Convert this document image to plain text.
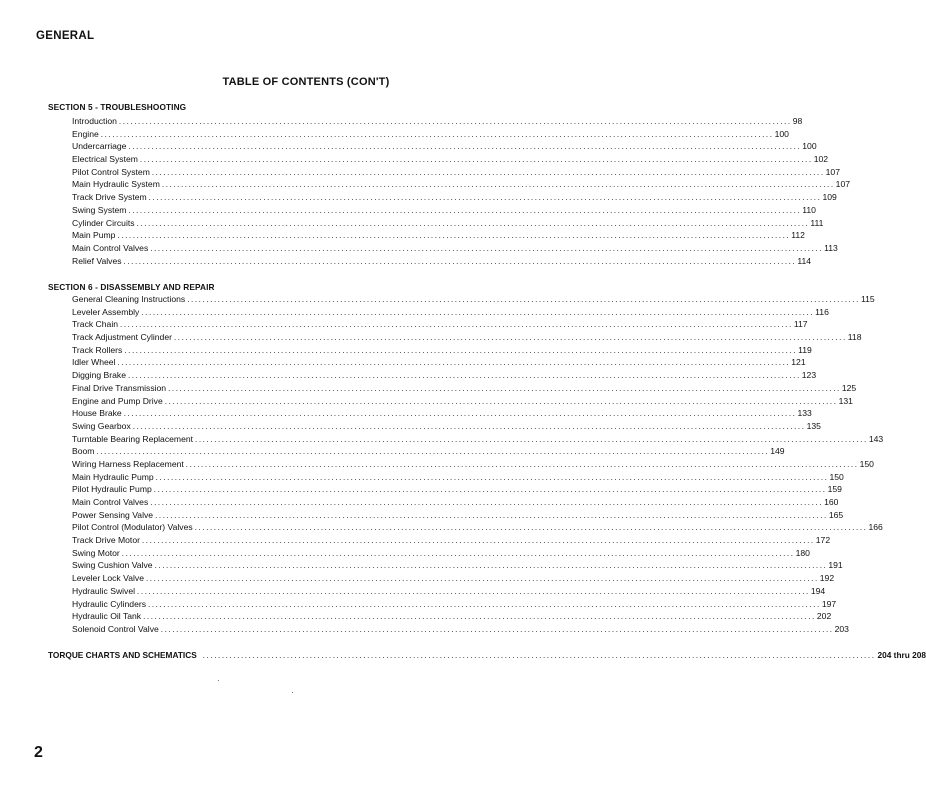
GENERAL
TABLE OF CONTENTS (CON'T)
SECTION 5 - TROUBLESHOOTING
Introduction ................................................................................................................................................................................ 98
Engine ................................................................................................................................................................................ 100
Undercarriage ................................................................................................................................................................................ 100
Electrical System ................................................................................................................................................................................ 102
Pilot Control System ................................................................................................................................................................................ 107
Main Hydraulic System ................................................................................................................................................................................ 107
Track Drive System ................................................................................................................................................................................ 109
Swing System ................................................................................................................................................................................ 110
Cylinder Circuits ................................................................................................................................................................................ 111
Main Pump ................................................................................................................................................................................ 112
Main Control Valves ................................................................................................................................................................................ 113
Relief Valves ................................................................................................................................................................................ 114
SECTION 6 - DISASSEMBLY AND REPAIR
General Cleaning Instructions ................................................................................................................................................................................ 115
Leveler Assembly ................................................................................................................................................................................ 116
Track Chain ................................................................................................................................................................................ 117
Track Adjustment Cylinder ................................................................................................................................................................................ 118
Track Rollers ................................................................................................................................................................................ 119
Idler Wheel ................................................................................................................................................................................ 121
Digging Brake ................................................................................................................................................................................ 123
Final Drive Transmission ................................................................................................................................................................................ 125
Engine and Pump Drive ................................................................................................................................................................................ 131
House Brake ................................................................................................................................................................................ 133
Swing Gearbox ................................................................................................................................................................................ 135
Turntable Bearing Replacement ................................................................................................................................................................................ 143
Boom ................................................................................................................................................................................ 149
Wiring Harness Replacement ................................................................................................................................................................................ 150
Main Hydraulic Pump ................................................................................................................................................................................ 150
Pilot Hydraulic Pump ................................................................................................................................................................................ 159
Main Control Valves ................................................................................................................................................................................ 160
Power Sensing Valve ................................................................................................................................................................................ 165
Pilot Control (Modulator) Valves ................................................................................................................................................................................ 166
Track Drive Motor ................................................................................................................................................................................ 172
Swing Motor ................................................................................................................................................................................ 180
Swing Cushion Valve ................................................................................................................................................................................ 191
Leveler Lock Valve ................................................................................................................................................................................ 192
Hydraulic Swivel ................................................................................................................................................................................ 194
Hydraulic Cylinders ................................................................................................................................................................................ 197
Hydraulic Oil Tank ................................................................................................................................................................................ 202
Solenoid Control Valve ................................................................................................................................................................................ 203
TORQUE CHARTS AND SCHEMATICS ................................................................................................................................................................................ 204 thru 208
2
